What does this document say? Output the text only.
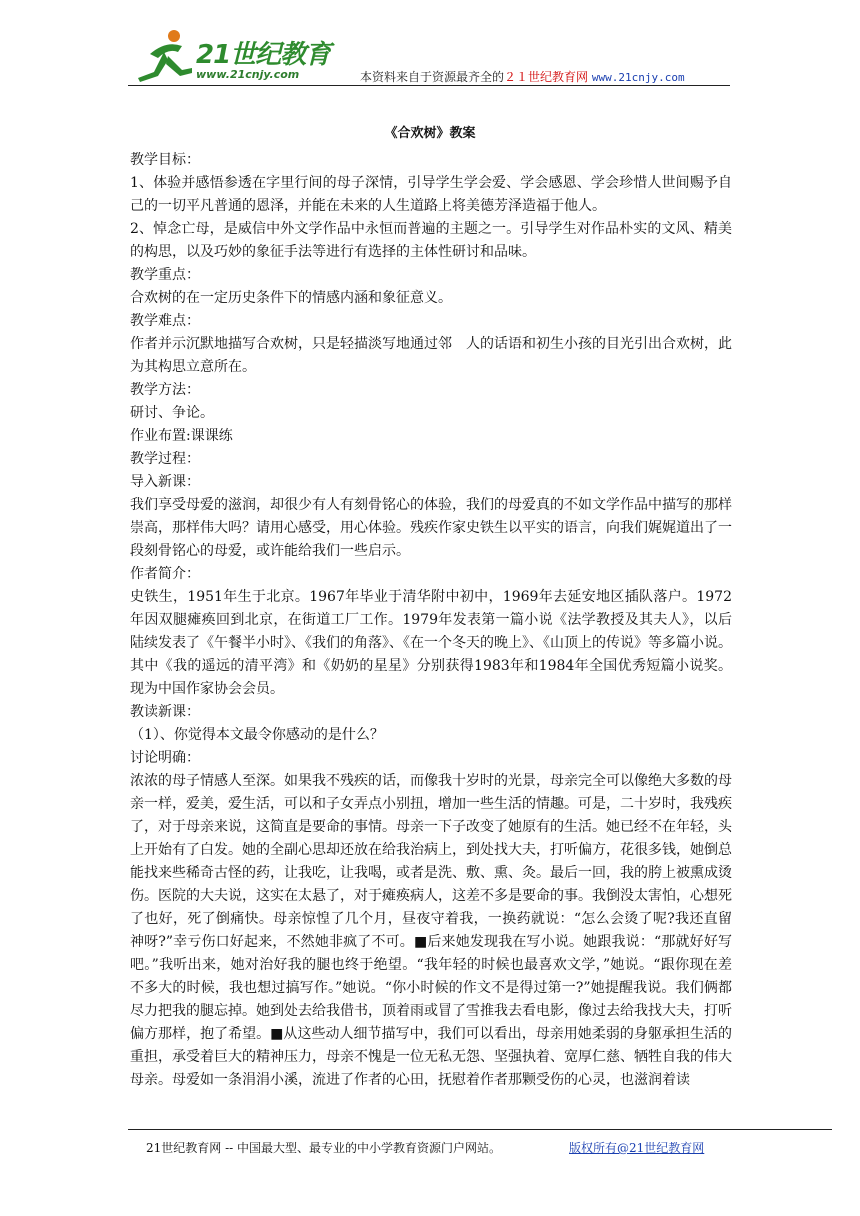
21世纪教育
www.21cnjy.com	本资料来自于资源最齐全的２１世纪教育网 www.21cnjy.com
《合欢树》教案

教学目标：

1、体验并感悟参透在字里行间的母子深情，引导学生学会爱、学会感恩、学会珍惜人世间赐予自己的一切平凡普通的恩泽，并能在未来的人生道路上将美德芳泽造福于他人。

2、悼念亡母，是威信中外文学作品中永恒而普遍的主题之一。引导学生对作品朴实的文风、精美的构思，以及巧妙的象征手法等进行有选择的主体性研讨和品味。

教学重点：

合欢树的在一定历史条件下的情感内涵和象征意义。

教学难点：

作者并示沉默地描写合欢树，只是轻描淡写地通过邻　人的话语和初生小孩的目光引出合欢树，此为其构思立意所在。

教学方法：

研讨、争论。

作业布置:课课练

教学过程：

导入新课：

我们享受母爱的滋润，却很少有人有刻骨铭心的体验，我们的母爱真的不如文学作品中描写的那样崇高，那样伟大吗？请用心感受，用心体验。残疾作家史铁生以平实的语言，向我们娓娓道出了一段刻骨铭心的母爱，或许能给我们一些启示。

作者简介：

史铁生，1951年生于北京。1967年毕业于清华附中初中，1969年去延安地区插队落户。1972年因双腿瘫痪回到北京，在街道工厂工作。1979年发表第一篇小说《法学教授及其夫人》，以后陆续发表了《午餐半小时》、《我们的角落》、《在一个冬天的晚上》、《山顶上的传说》等多篇小说。其中《我的遥远的清平湾》和《奶奶的星星》分别获得1983年和1984年全国优秀短篇小说奖。现为中国作家协会会员。

教读新课：

（1）、你觉得本文最令你感动的是什么？

讨论明确：

浓浓的母子情感人至深。如果我不残疾的话，而像我十岁时的光景，母亲完全可以像绝大多数的母亲一样，爱美，爱生活，可以和子女弄点小别扭，增加一些生活的情趣。可是，二十岁时，我残疾了，对于母亲来说，这简直是要命的事情。母亲一下子改变了她原有的生活。她已经不在年轻，头上开始有了白发。她的全副心思却还放在给我治病上，到处找大夫，打听偏方，花很多钱，她倒总能找来些稀奇古怪的药，让我吃，让我喝，或者是洗、敷、熏、灸。最后一回，我的胯上被熏成烫伤。医院的大夫说，这实在太悬了，对于瘫痪病人，这差不多是要命的事。我倒没太害怕，心想死了也好，死了倒痛快。母亲惊惶了几个月，昼夜守着我，一换药就说：“怎么会烫了呢?我还直留神呀?”幸亏伤口好起来，不然她非疯了不可。■后来她发现我在写小说。她跟我说：“那就好好写吧。”我听出来，她对治好我的腿也终于绝望。“我年轻的时候也最喜欢文学，”她说。“跟你现在差不多大的时候，我也想过搞写作。”她说。“你小时候的作文不是得过第一?”她提醒我说。我们俩都尽力把我的腿忘掉。她到处去给我借书，顶着雨或冒了雪推我去看电影，像过去给我找大夫，打听偏方那样，抱了希望。■从这些动人细节描写中，我们可以看出，母亲用她柔弱的身躯承担生活的重担，承受着巨大的精神压力，母亲不愧是一位无私无怨、坚强执着、宽厚仁慈、牺牲自我的伟大母亲。母爱如一条涓涓小溪，流进了作者的心田，抚慰着作者那颗受伤的心灵，也滋润着读

21世纪教育网 -- 中国最大型、最专业的中小学教育资源门户网站。	版权所有@21世纪教育网
